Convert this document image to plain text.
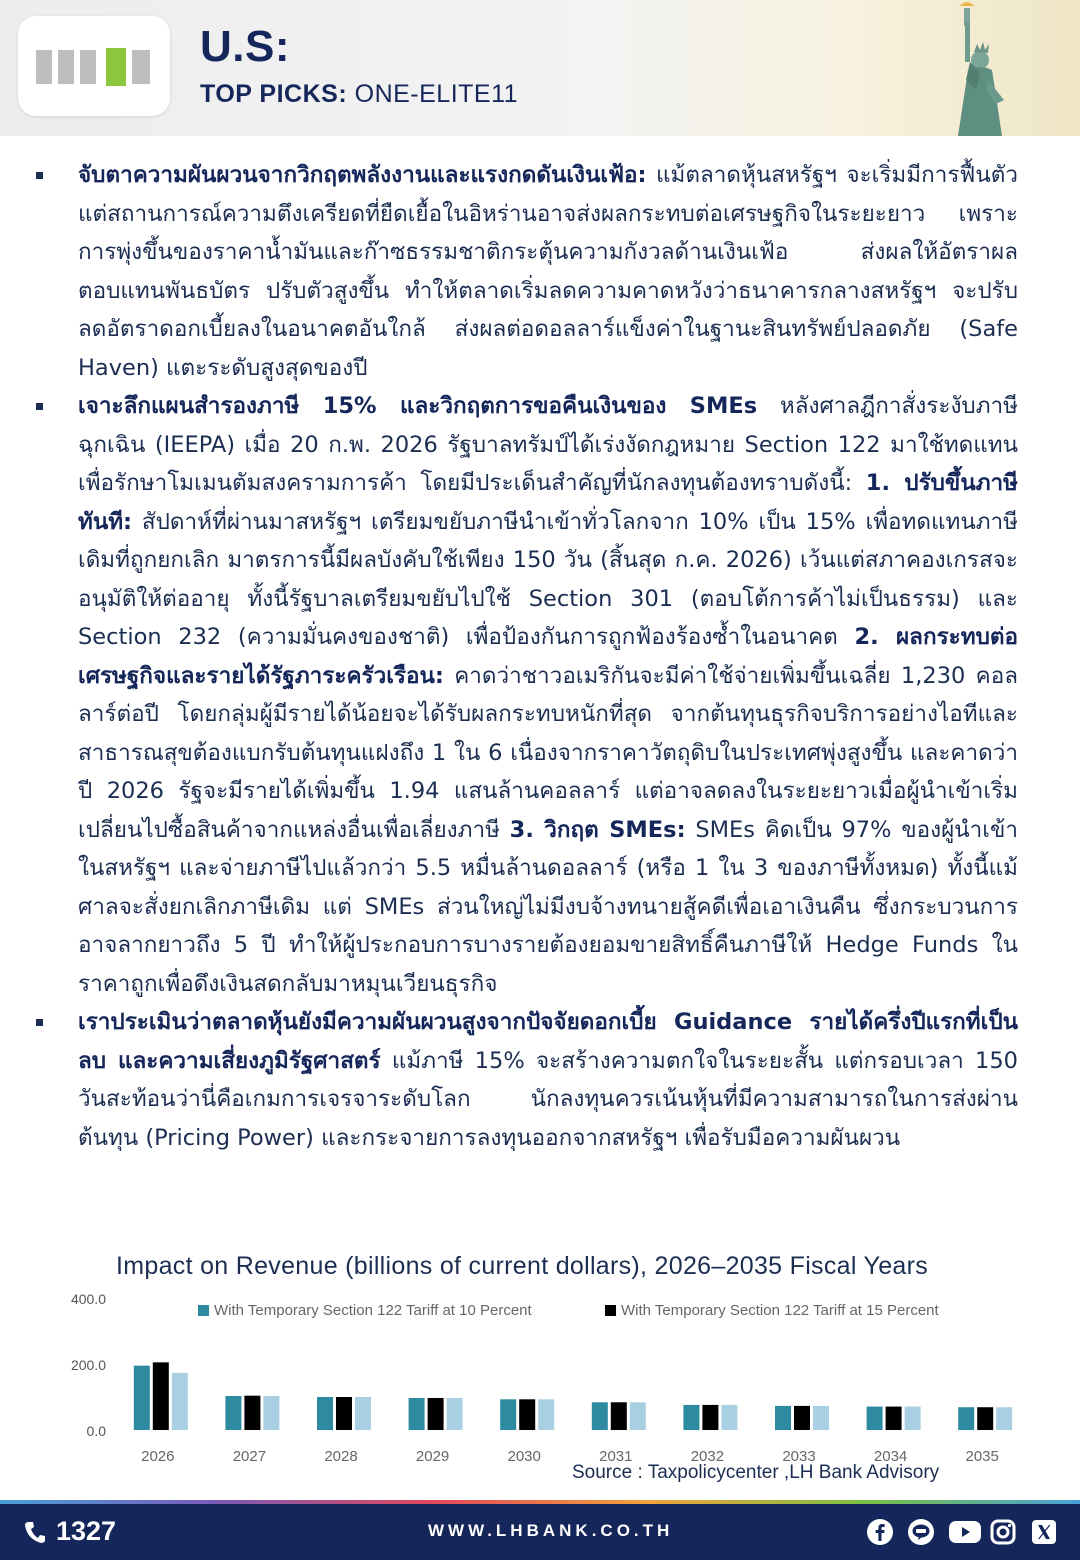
U.S:
TOP PICKS: ONE-ELITE11
จับตาความผันผวนจากวิกฤตพลังงานและแรงกดดันเงินเฟ้อ: แม้ตลาดหุ้นสหรัฐฯ จะเริ่มมีการฟื้นตัว แต่สถานการณ์ความตึงเครียดที่ยืดเยื้อในอิหร่านอาจส่งผลกระทบต่อเศรษฐกิจในระยะยาว เพราะการพุ่งขึ้นของราคาน้ำมันและก๊าซธรรมชาติกระตุ้นความกังวลด้านเงินเฟ้อ ส่งผลให้อัตราผลตอบแทนพันธบัตร ปรับตัวสูงขึ้น ทำให้ตลาดเริ่มลดความคาดหวังว่าธนาคารกลางสหรัฐฯ จะปรับลดอัตราดอกเบี้ยลงในอนาคตอันใกล้ ส่งผลต่อดอลลาร์แข็งค่าในฐานะสินทรัพย์ปลอดภัย (Safe Haven) แตะระดับสูงสุดของปี
เจาะลึกแผนสำรองภาษี 15% และวิกฤตการขอคืนเงินของ SMEs หลังศาลฎีกาสั่งระงับภาษีฉุกเฉิน (IEEPA) เมื่อ 20 ก.พ. 2026 รัฐบาลทรัมป์ได้เร่งงัดกฎหมาย Section 122 มาใช้ทดแทนเพื่อรักษาโมเมนตัมสงครามการค้า โดยมีประเด็นสำคัญที่นักลงทุนต้องทราบดังนี้: 1. ปรับขึ้นภาษีทันที: สัปดาห์ที่ผ่านมาสหรัฐฯ เตรียมขยับภาษีนำเข้าทั่วโลกจาก 10% เป็น 15% เพื่อทดแทนภาษีเดิมที่ถูกยกเลิก มาตรการนี้มีผลบังคับใช้เพียง 150 วัน (สิ้นสุด ก.ค. 2026) เว้นแต่สภาคองเกรสจะอนุมัติให้ต่ออายุ ทั้งนี้รัฐบาลเตรียมขยับไปใช้ Section 301 (ตอบโต้การค้าไม่เป็นธรรม) และ Section 232 (ความมั่นคงของชาติ) เพื่อป้องกันการถูกฟ้องร้องซ้ำในอนาคต 2. ผลกระทบต่อเศรษฐกิจและรายได้รัฐภาระครัวเรือน: คาดว่าชาวอเมริกันจะมีค่าใช้จ่ายเพิ่มขึ้นเฉลี่ย 1,230 คอลลาร์ต่อปี โดยกลุ่มผู้มีรายได้น้อยจะได้รับผลกระทบหนักที่สุด จากต้นทุนธุรกิจบริการอย่างไอทีและสาธารณสุขต้องแบกรับต้นทุนแฝงถึง 1 ใน 6 เนื่องจากราคาวัตถุดิบในประเทศพุ่งสูงขึ้น และคาดว่าปี 2026 รัฐจะมีรายได้เพิ่มขึ้น 1.94 แสนล้านคอลลาร์ แต่อาจลดลงในระยะยาวเมื่อผู้นำเข้าเริ่มเปลี่ยนไปซื้อสินค้าจากแหล่งอื่นเพื่อเลี่ยงภาษี 3. วิกฤต SMEs: SMEs คิดเป็น 97% ของผู้นำเข้าในสหรัฐฯ และจ่ายภาษีไปแล้วกว่า 5.5 หมื่นล้านดอลลาร์ (หรือ 1 ใน 3 ของภาษีทั้งหมด) ทั้งนี้แม้ศาลจะสั่งยกเลิกภาษีเดิม แต่ SMEs ส่วนใหญ่ไม่มีงบจ้างทนายสู้คดีเพื่อเอาเงินคืน ซึ่งกระบวนการอาจลากยาวถึง 5 ปี ทำให้ผู้ประกอบการบางรายต้องยอมขายสิทธิ์คืนภาษีให้ Hedge Funds ในราคาถูกเพื่อดึงเงินสดกลับมาหมุนเวียนธุรกิจ
เราประเมินว่าตลาดหุ้นยังมีความผันผวนสูงจากปัจจัยดอกเบี้ย Guidance รายได้ครึ่งปีแรกที่เป็นลบ และความเสี่ยงภูมิรัฐศาสตร์ แม้ภาษี 15% จะสร้างความตกใจในระยะสั้น แต่กรอบเวลา 150 วันสะท้อนว่านี่คือเกมการเจรจาระดับโลก นักลงทุนควรเน้นหุ้นที่มีความสามารถในการส่งผ่านต้นทุน (Pricing Power) และกระจายการลงทุนออกจากสหรัฐฯ เพื่อรับมือความผันผวน
Impact on Revenue (billions of current dollars), 2026–2035 Fiscal Years
400.0
200.0
0.0
With Temporary Section 122 Tariff at 10 Percent	With Temporary Section 122 Tariff at 15 Percent
2026	2027	2028	2029	2030	2031	2032	2033	2034	2035
Source : Taxpolicycenter ,LH Bank Advisory
1327	WWW.LHBANK.CO.TH
